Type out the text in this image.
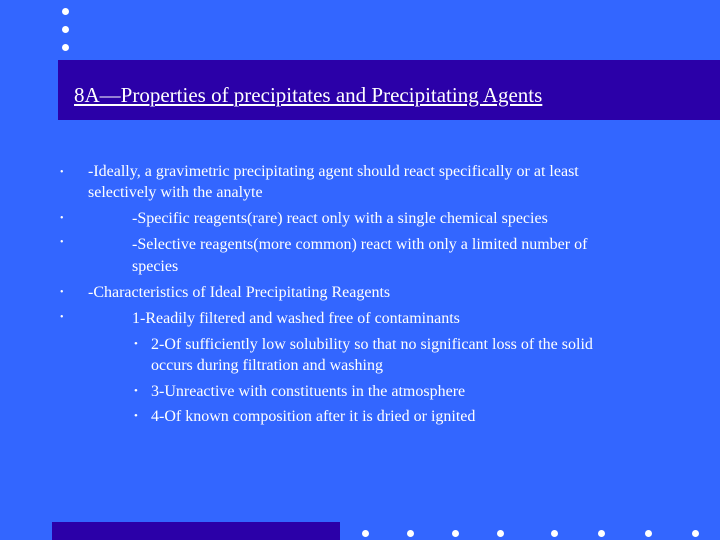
8A—Properties of precipitates and Precipitating Agents
•
•
•
•
•
-Ideally, a gravimetric precipitating agent should react specifically or at least
selectively with the analyte
-Specific reagents(rare) react only with a single chemical species
-Selective reagents(more common) react with only a limited number of
species
-Characteristics of Ideal Precipitating Reagents
1-Readily filtered and washed free of contaminants
• 2-Of sufficiently low solubility so that no significant loss of the solid
occurs during filtration and washing
• 3-Unreactive with constituents in the atmosphere
• 4-Of known composition after it is dried or ignited
